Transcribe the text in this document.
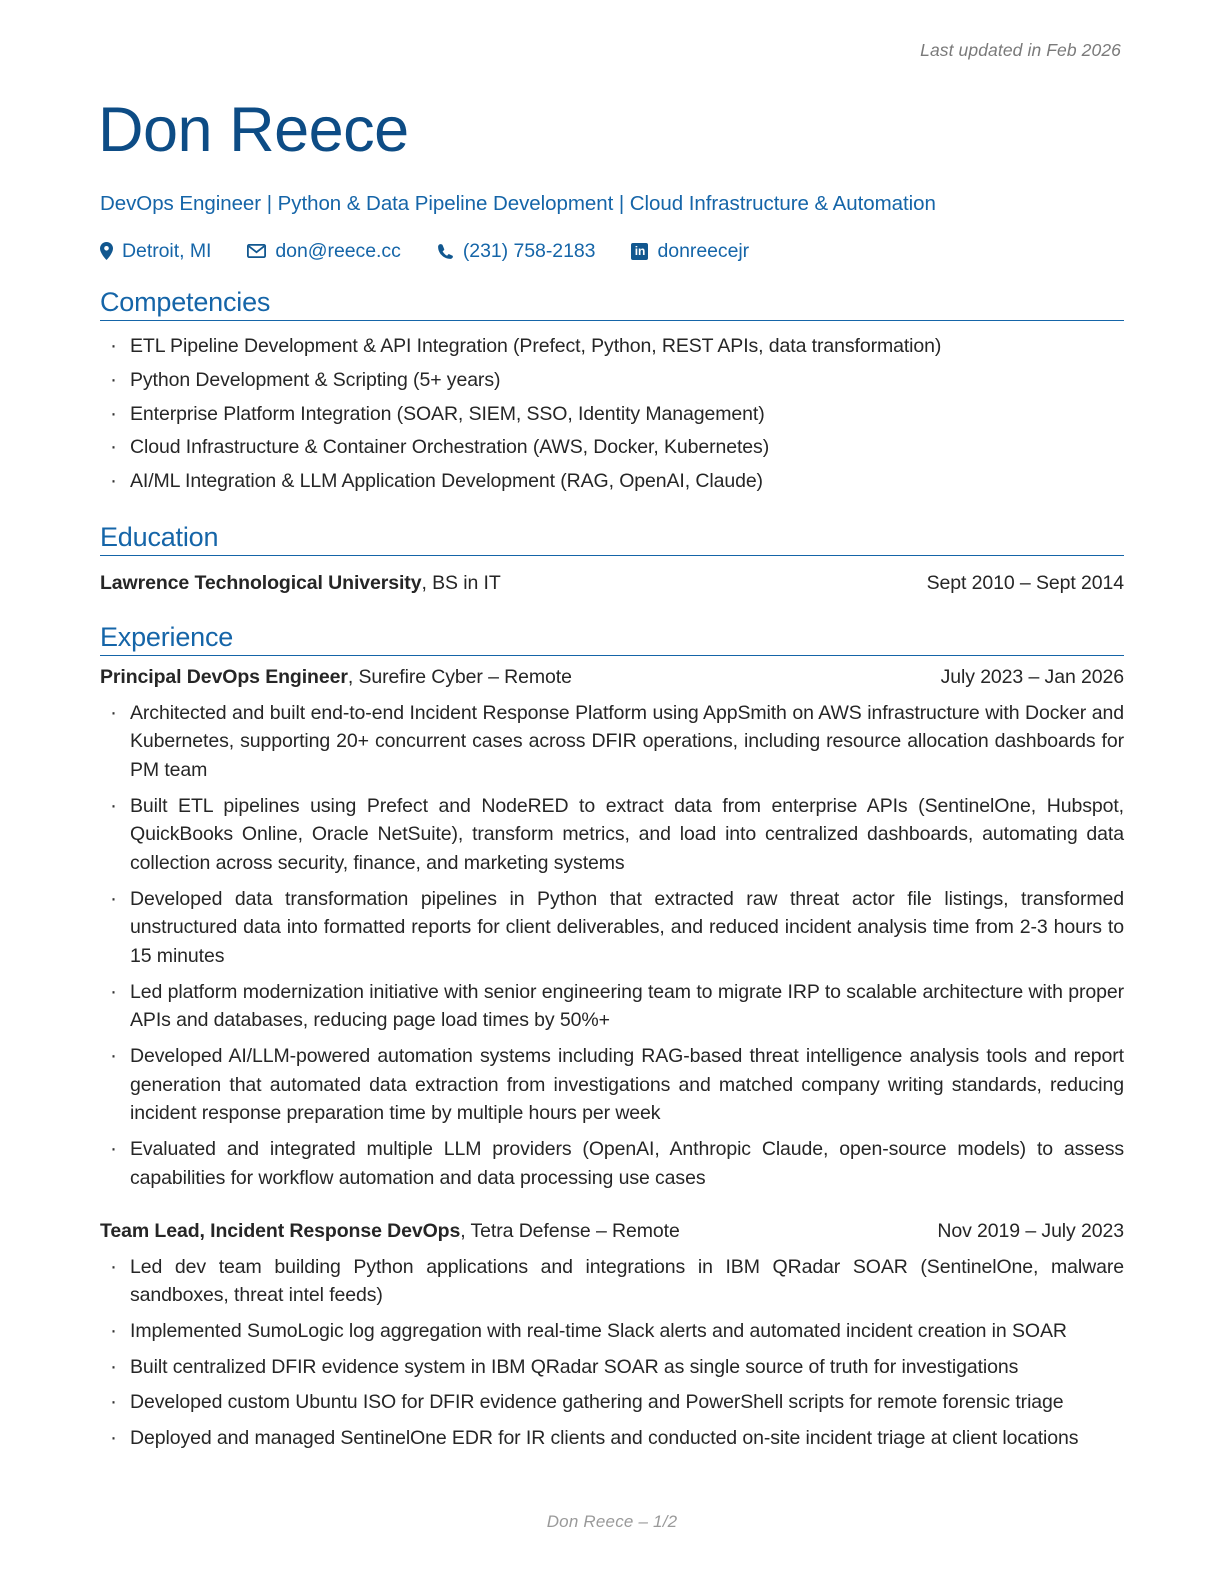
Last updated in Feb 2026
Don Reece
DevOps Engineer | Python & Data Pipeline Development | Cloud Infrastructure & Automation
Detroit, MI	don@reece.cc	(231) 758-2183	in donreecejr
Competencies
· ETL Pipeline Development & API Integration (Prefect, Python, REST APIs, data transformation)
· Python Development & Scripting (5+ years)
· Enterprise Platform Integration (SOAR, SIEM, SSO, Identity Management)
· Cloud Infrastructure & Container Orchestration (AWS, Docker, Kubernetes)
· AI/ML Integration & LLM Application Development (RAG, OpenAI, Claude)
Education
Lawrence Technological University, BS in IT	Sept 2010 – Sept 2014
Experience
Principal DevOps Engineer, Surefire Cyber – Remote	July 2023 – Jan 2026
· Architected and built end-to-end Incident Response Platform using AppSmith on AWS infrastructure with Docker and Kubernetes, supporting 20+ concurrent cases across DFIR operations, including resource allocation dashboards for PM team
· Built ETL pipelines using Prefect and NodeRED to extract data from enterprise APIs (SentinelOne, Hubspot, QuickBooks Online, Oracle NetSuite), transform metrics, and load into centralized dashboards, automating data collection across security, finance, and marketing systems
· Developed data transformation pipelines in Python that extracted raw threat actor file listings, transformed unstructured data into formatted reports for client deliverables, and reduced incident analysis time from 2-3 hours to 15 minutes
· Led platform modernization initiative with senior engineering team to migrate IRP to scalable architecture with proper APIs and databases, reducing page load times by 50%+
· Developed AI/LLM-powered automation systems including RAG-based threat intelligence analysis tools and report generation that automated data extraction from investigations and matched company writing standards, reducing incident response preparation time by multiple hours per week
· Evaluated and integrated multiple LLM providers (OpenAI, Anthropic Claude, open-source models) to assess capabilities for workflow automation and data processing use cases
Team Lead, Incident Response DevOps, Tetra Defense – Remote	Nov 2019 – July 2023
· Led dev team building Python applications and integrations in IBM QRadar SOAR (SentinelOne, malware sandboxes, threat intel feeds)
· Implemented SumoLogic log aggregation with real-time Slack alerts and automated incident creation in SOAR
· Built centralized DFIR evidence system in IBM QRadar SOAR as single source of truth for investigations
· Developed custom Ubuntu ISO for DFIR evidence gathering and PowerShell scripts for remote forensic triage
· Deployed and managed SentinelOne EDR for IR clients and conducted on-site incident triage at client locations
Don Reece – 1/2
